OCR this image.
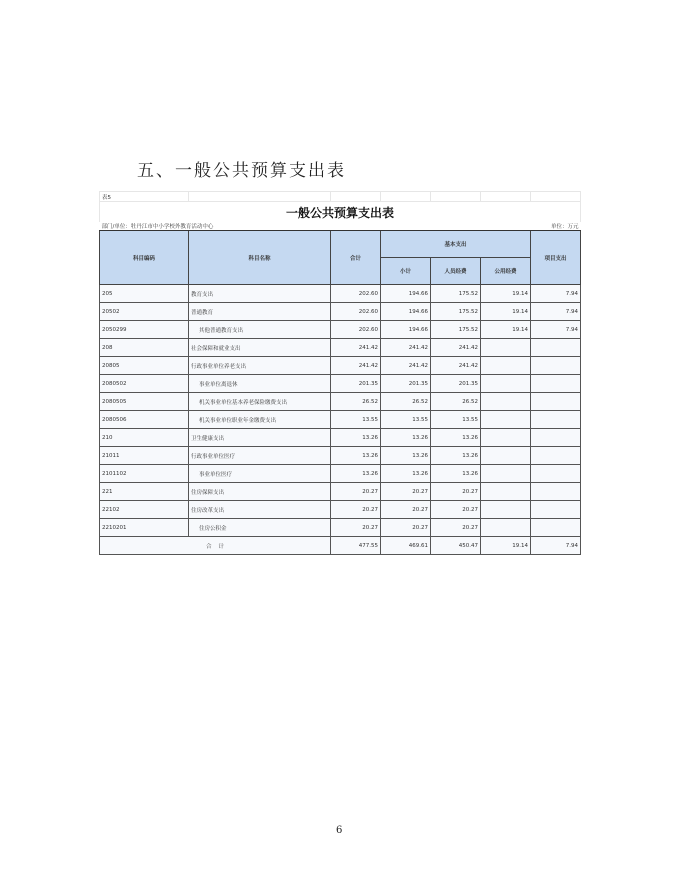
五、一般公共预算支出表
表5						
一般公共预算支出表						
部门/单位：牡丹江市中小学校外教育活动中心						单位：万元
科目编码	科目名称	合计	基本支出			项目支出
			小计	人员经费	公用经费	
205	教育支出	202.60	194.66	175.52	19.14	7.94
20502	普通教育	202.60	194.66	175.52	19.14	7.94
2050299	其他普通教育支出	202.60	194.66	175.52	19.14	7.94
208	社会保障和就业支出	241.42	241.42	241.42		
20805	行政事业单位养老支出	241.42	241.42	241.42		
2080502	事业单位离退休	201.35	201.35	201.35		
2080505	机关事业单位基本养老保险缴费支出	26.52	26.52	26.52		
2080506	机关事业单位职业年金缴费支出	13.55	13.55	13.55		
210	卫生健康支出	13.26	13.26	13.26		
21011	行政事业单位医疗	13.26	13.26	13.26		
2101102	事业单位医疗	13.26	13.26	13.26		
221	住房保障支出	20.27	20.27	20.27		
22102	住房改革支出	20.27	20.27	20.27		
2210201	住房公积金	20.27	20.27	20.27		
合    计		477.55	469.61	450.47	19.14	7.94
6
